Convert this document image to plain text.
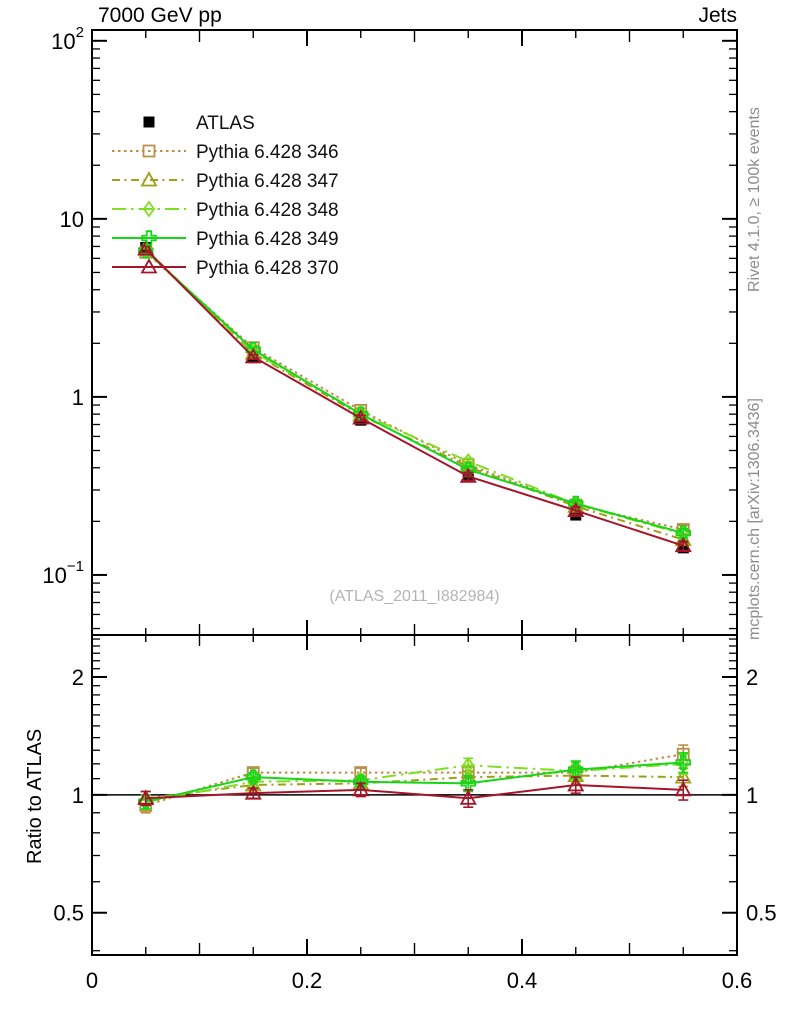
(ATLAS_2011_I882984)
0	0.2	0.4	0.6
$10^2$
10
1
$10^{-1}$
2	2
1	1
0.5	0.5
ATLAS
Pythia 6.428 346
Pythia 6.428 347
Pythia 6.428 348
Pythia 6.428 349
Pythia 6.428 370
7000 GeV pp	Jets
Rivet 4.1.0, ≥ 100k events
mcplots.cern.ch [arXiv:1306.3436]
Ratio to ATLAS
